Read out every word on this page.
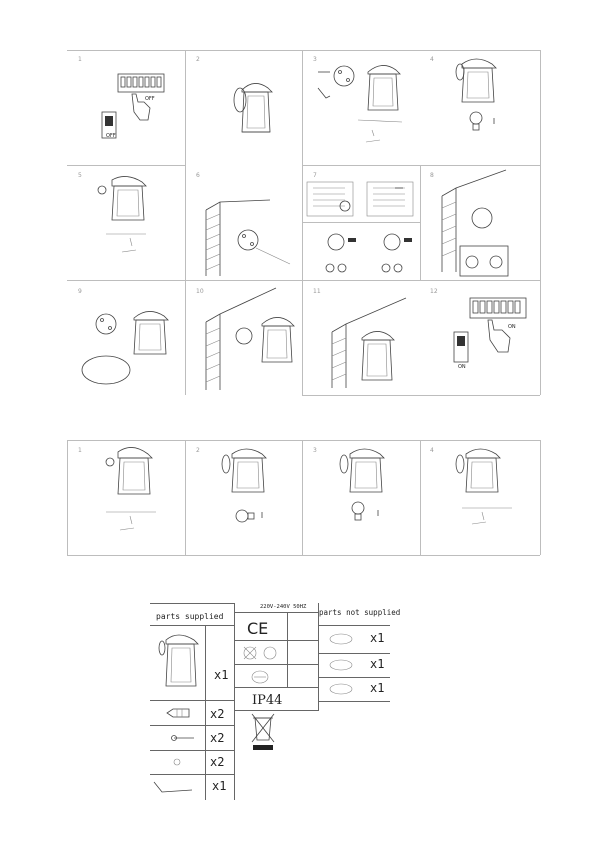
1	2	3	4
5	6	7	8
9	10	11	12
OFF
OFF
ON
ON
1	2	3	4
parts supplied
220V-240V 50HZ
parts not supplied
x1
x2
x2
x2
x1
CE
IP44
x1
x1
x1
